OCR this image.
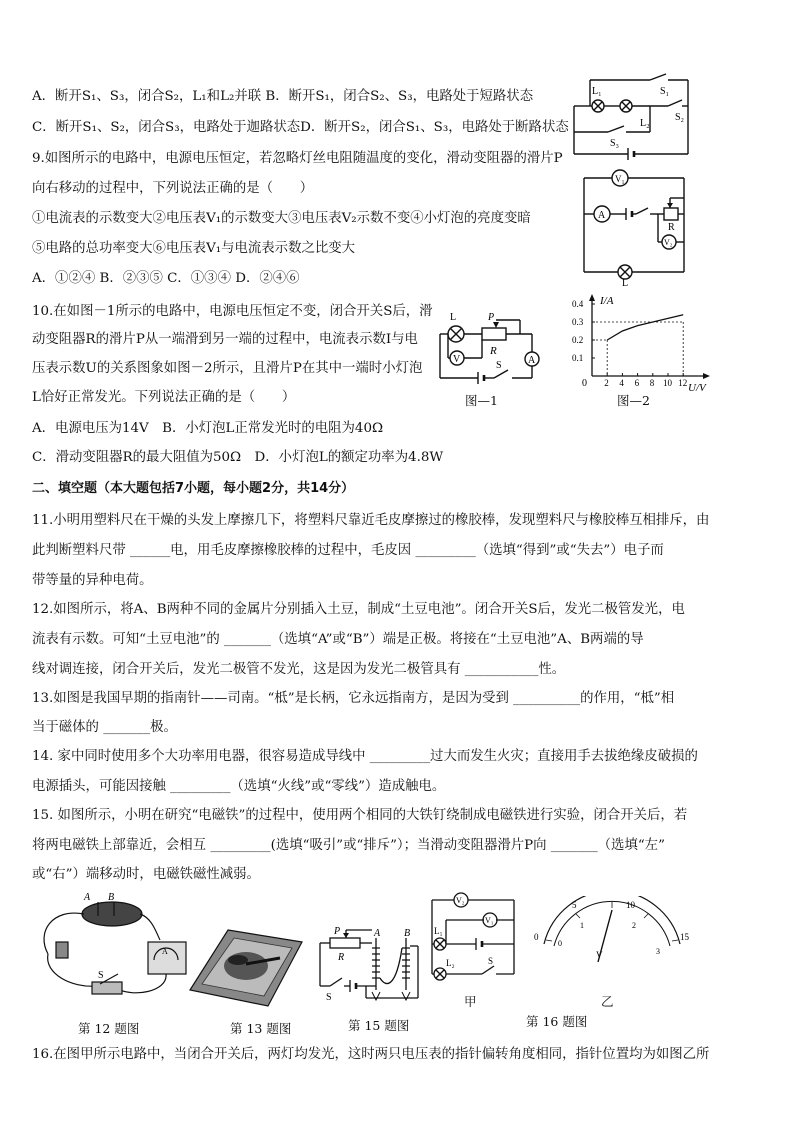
A．断开S₁、S₃，闭合S₂，L₁和L₂并联 B．断开S₁，闭合S₂、S₃，电路处于短路状态
C．断开S₁、S₂，闭合S₃，电路处于迦路状态D．断开S₂，闭合S₁、S₃，电路处于断路状态
9.如图所示的电路中，电源电压恒定，若忽略灯丝电阻随温度的变化，滑动变阻器的滑片P
向右移动的过程中，下列说法正确的是（　　）
①电流表的示数变大②电压表V₁的示数变大③电压表V₂示数不变④小灯泡的亮度变暗
⑤电路的总功率变大⑥电压表V₁与电流表示数之比变大
A．①②④ B．②③⑤ C．①③④ D．②④⑥
10.在如图－1所示的电路中，电源电压恒定不变，闭合开关S后，滑
动变阻器R的滑片P从一端滑到另一端的过程中，电流表示数I与电
压表示数U的关系图象如图－2所示，且滑片P在其中一端时小灯泡
L恰好正常发光。下列说法正确的是（　　）
A．电源电压为14V　B．小灯泡L正常发光时的电阻为40Ω
C．滑动变阻器R的最大阻值为50Ω　D．小灯泡L的额定功率为4.8W
二、填空题（本大题包括7小题，每小题2分，共14分）
11.小明用塑料尺在干燥的头发上摩擦几下，将塑料尺靠近毛皮摩擦过的橡胶棒，发现塑料尺与橡胶棒互相排斥，由
此判断塑料尺带 ______电，用毛皮摩擦橡胶棒的过程中，毛皮因 _________（选填“得到”或“失去”）电子而
带等量的异种电荷。
12.如图所示，将A、B两种不同的金属片分别插入土豆，制成“土豆电池”。闭合开关S后，发光二极管发光，电
流表有示数。可知“土豆电池”的 _______（选填“A”或“B”）端是正极。将接在“土豆电池”A、B两端的导
线对调连接，闭合开关后，发光二极管不发光，这是因为发光二极管具有 ___________性。
13.如图是我国早期的指南针——司南。“柢”是长柄，它永远指南方，是因为受到 __________的作用，“柢”相
当于磁体的 _______极。
14. 家中同时使用多个大功率用电器，很容易造成导线中 _________过大而发生火灾；直接用手去拔绝缘皮破损的
电源插头，可能因接触 _________（选填“火线”或“零线”）造成触电。
15. 如图所示，小明在研究“电磁铁”的过程中，使用两个相同的大铁钉绕制成电磁铁进行实验，闭合开关后，若
将两电磁铁上部靠近，会相互 _________(选填“吸引”或“排斥”）；当滑动变阻器滑片P向 _______（选填“左”
或“右”）端移动时，电磁铁磁性减弱。
16.在图甲所示电路中，当闭合开关后，两灯均发光，这时两只电压表的指针偏转角度相同，指针位置均为如图乙所
L₁
L₂
S₁
S₂
S₃
V₁
A
V₂
R
L
L	P
R
V	A
S
图—1
I/A
U/V
0 2 4 6 8 10 12
0.1
0.2
0.3
0.4
图—2
A B
S
A
第 12 题图	第 13 题图
P
R
S
A B
第 15 题图
V₂
V₁
L₁
L₂	S
甲
0
5	10
15
0
1	2
3
V
乙
第 16 题图
